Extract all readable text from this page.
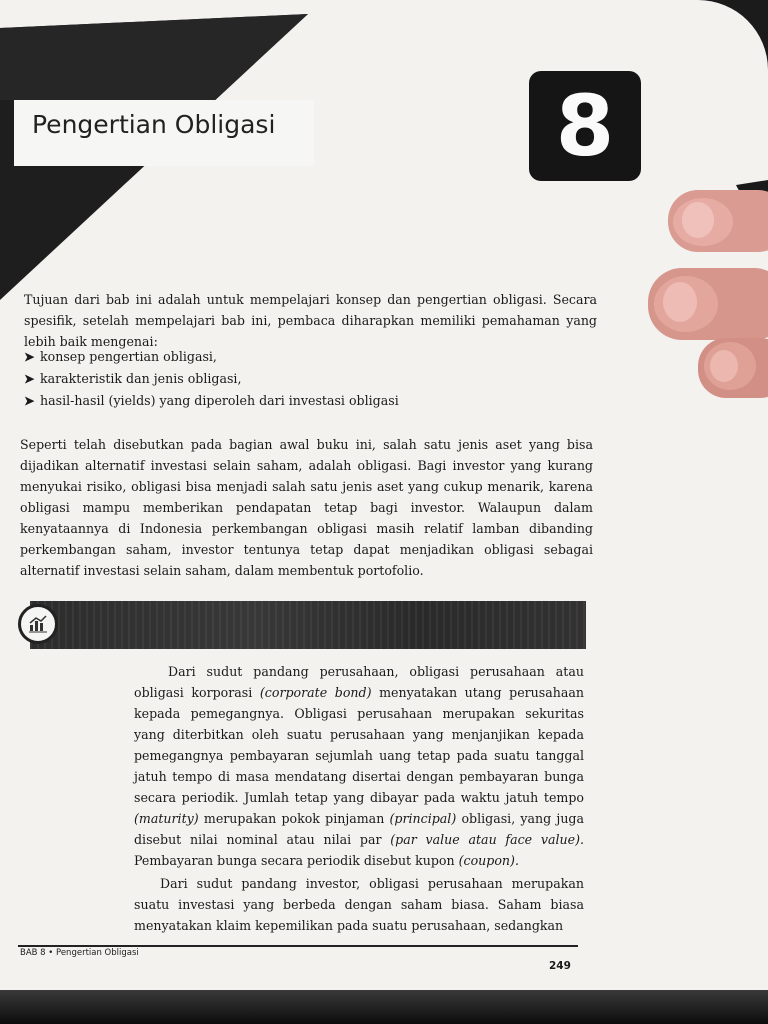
Pengertian Obligasi	8

Tujuan dari bab ini adalah untuk mempelajari konsep dan pengertian obligasi. Secara spesifik, setelah mempelajari bab ini, pembaca diharapkan memiliki pemahaman yang lebih baik mengenai:

➤ konsep pengertian obligasi,
➤ karakteristik dan jenis obligasi,
➤ hasil-hasil (yields) yang diperoleh dari investasi obligasi

Seperti telah disebutkan pada bagian awal buku ini, salah satu jenis aset yang bisa dijadikan alternatif investasi selain saham, adalah obligasi. Bagi investor yang kurang menyukai risiko, obligasi bisa menjadi salah satu jenis aset yang cukup menarik, karena obligasi mampu memberikan pendapatan tetap bagi investor. Walaupun dalam kenyataannya di Indonesia perkembangan obligasi masih relatif lamban dibanding perkembangan saham, investor tentunya tetap dapat menjadikan obligasi sebagai alternatif investasi selain saham, dalam membentuk portofolio.

Dari sudut pandang perusahaan, obligasi perusahaan atau obligasi korporasi (corporate bond) menyatakan utang perusahaan kepada pemegangnya. Obligasi perusahaan merupakan sekuritas yang diterbitkan oleh suatu perusahaan yang menjanjikan kepada pemegangnya pembayaran sejumlah uang tetap pada suatu tanggal jatuh tempo di masa mendatang disertai dengan pembayaran bunga secara periodik. Jumlah tetap yang dibayar pada waktu jatuh tempo (maturity) merupakan pokok pinjaman (principal) obligasi, yang juga disebut nilai nominal atau nilai par (par value atau face value). Pembayaran bunga secara periodik disebut kupon (coupon).

Dari sudut pandang investor, obligasi perusahaan merupakan suatu investasi yang berbeda dengan saham biasa. Saham biasa menyatakan klaim kepemilikan pada suatu perusahaan, sedangkan

BAB 8 • Pengertian Obligasi
249
